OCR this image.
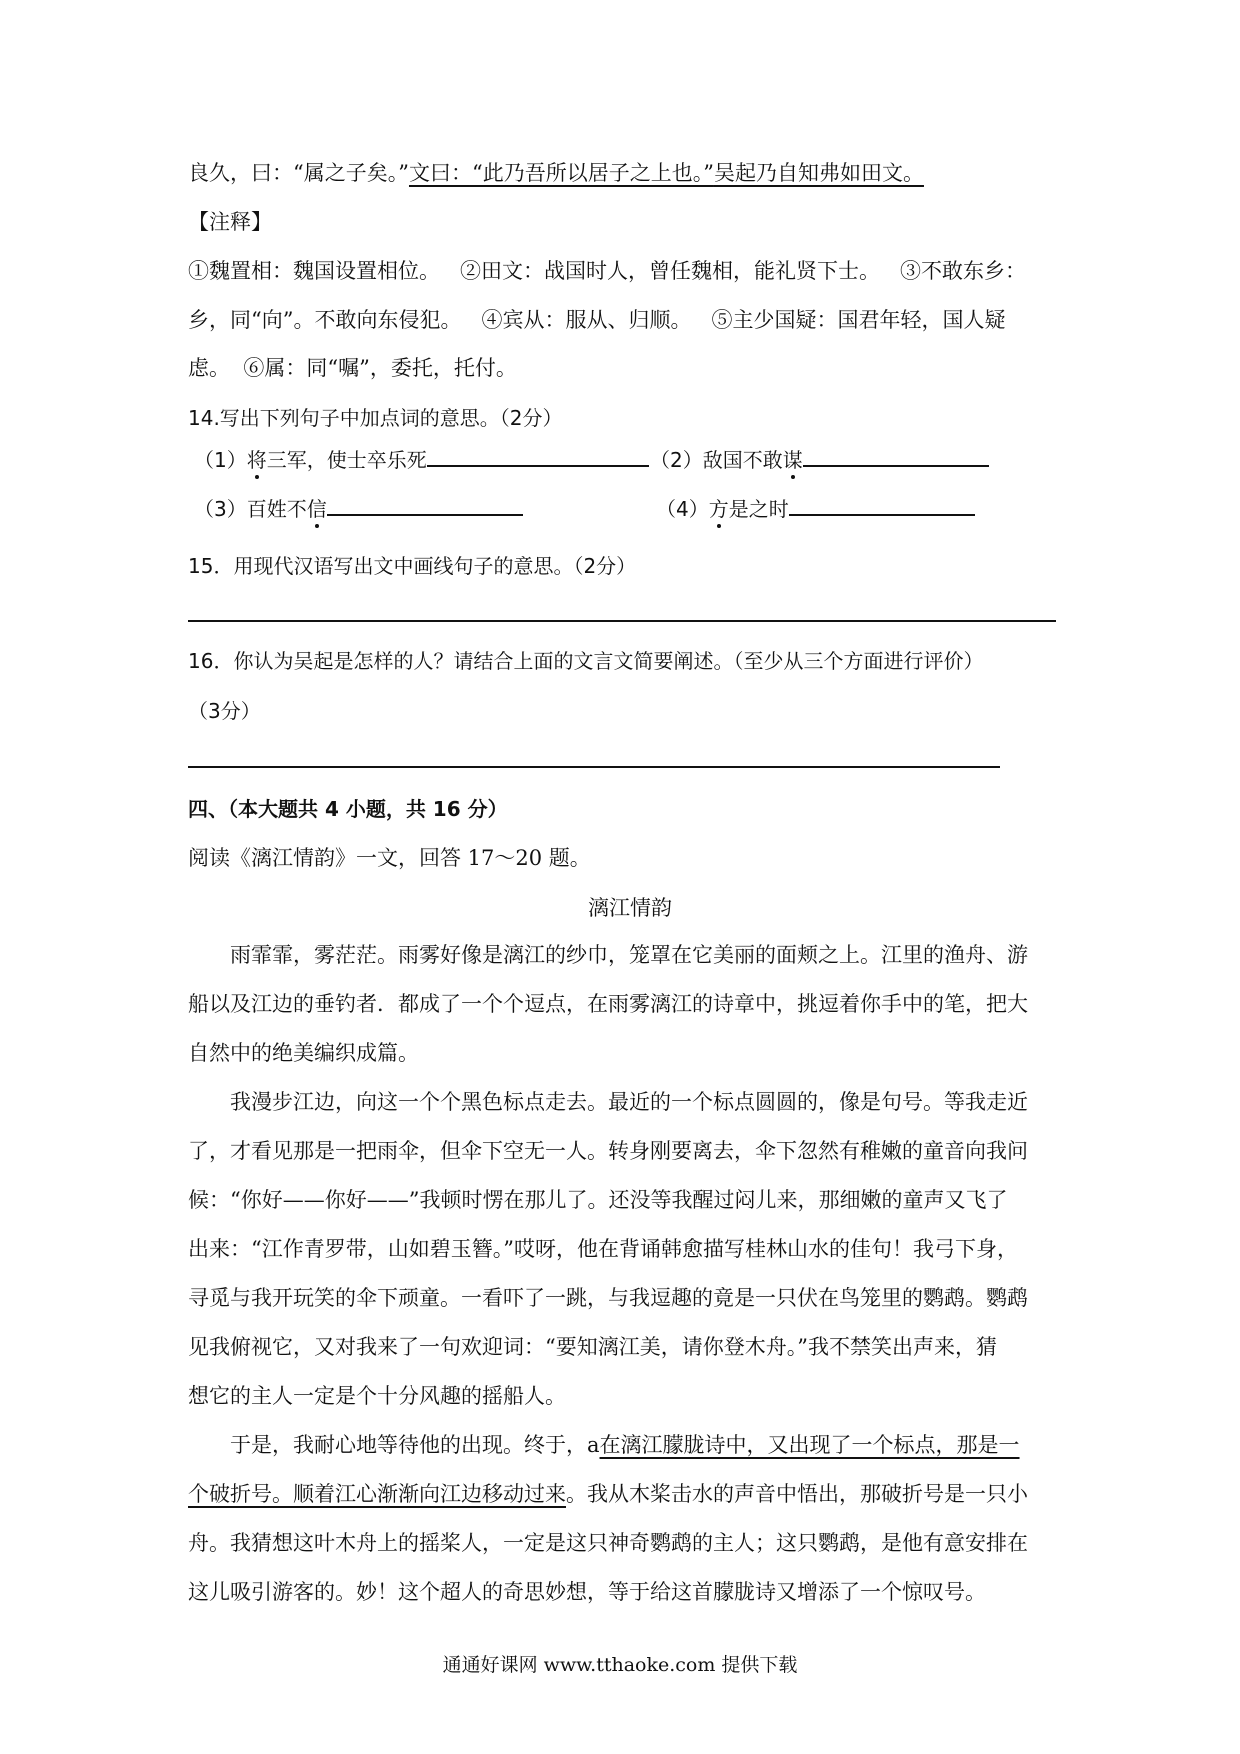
良久，曰：“属之子矣。”文曰：“此乃吾所以居子之上也。”吴起乃自知弗如田文。
【注释】
①魏置相：魏国设置相位。   ②田文：战国时人，曾任魏相，能礼贤下士。   ③不敢东乡：
乡，同“向”。不敢向东侵犯。   ④宾从：服从、归顺。   ⑤主少国疑：国君年轻，国人疑
虑。  ⑥属：同“嘱”，委托，托付。
14.写出下列句子中加点词的意思。（2分）
（1）将三军，使士卒乐死	（2）敌国不敢谋
（3）百姓不信	（4）方是之时
15．用现代汉语写出文中画线句子的意思。（2分）
16．你认为吴起是怎样的人？请结合上面的文言文简要阐述。（至少从三个方面进行评价）
（3分）
四、（本大题共 4 小题，共 16 分）
阅读《漓江情韵》一文，回答 17～20 题。
漓江情韵
雨霏霏，雾茫茫。雨雾好像是漓江的纱巾，笼罩在它美丽的面颊之上。江里的渔舟、游
船以及江边的垂钓者．都成了一个个逗点，在雨雾漓江的诗章中，挑逗着你手中的笔，把大
自然中的绝美编织成篇。
我漫步江边，向这一个个黑色标点走去。最近的一个标点圆圆的，像是句号。等我走近
了，才看见那是一把雨伞，但伞下空无一人。转身刚要离去，伞下忽然有稚嫩的童音向我问
候：“你好——你好——”我顿时愣在那儿了。还没等我醒过闷儿来，那细嫩的童声又飞了
出来：“江作青罗带，山如碧玉簪。”哎呀，他在背诵韩愈描写桂林山水的佳句！我弓下身，
寻觅与我开玩笑的伞下顽童。一看吓了一跳，与我逗趣的竟是一只伏在鸟笼里的鹦鹉。鹦鹉
见我俯视它，又对我来了一句欢迎词：“要知漓江美，请你登木舟。”我不禁笑出声来，猜
想它的主人一定是个十分风趣的摇船人。
于是，我耐心地等待他的出现。终于，a在漓江朦胧诗中，又出现了一个标点，那是一
个破折号。顺着江心渐渐向江边移动过来。我从木桨击水的声音中悟出，那破折号是一只小
舟。我猜想这叶木舟上的摇桨人，一定是这只神奇鹦鹉的主人；这只鹦鹉，是他有意安排在
这儿吸引游客的。妙！这个超人的奇思妙想，等于给这首朦胧诗又增添了一个惊叹号。
通通好课网 www.tthaoke.com 提供下载
